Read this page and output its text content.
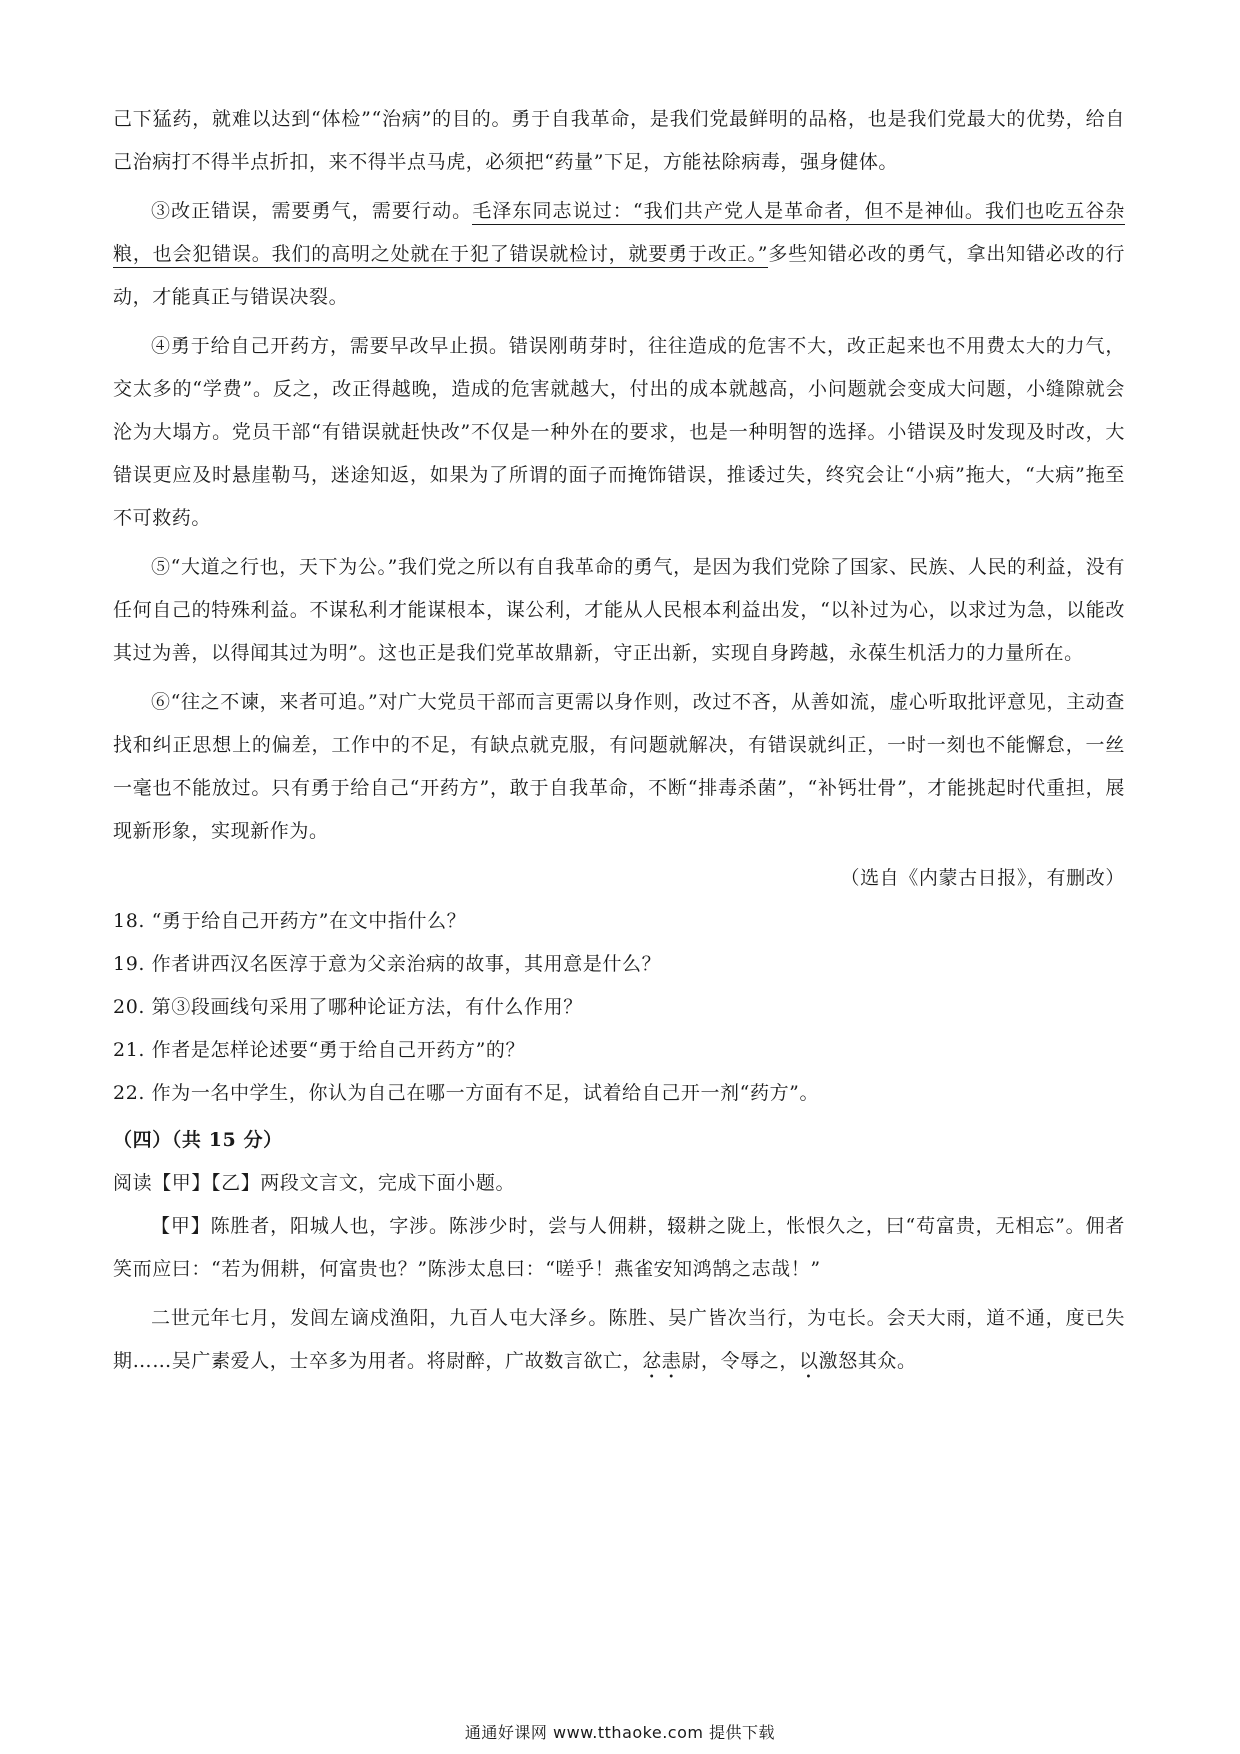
己下猛药，就难以达到“体检”“治病”的目的。勇于自我革命，是我们党最鲜明的品格，也是我们党最大的优势，给自己治病打不得半点折扣，来不得半点马虎，必须把“药量”下足，方能祛除病毒，强身健体。

③改正错误，需要勇气，需要行动。毛泽东同志说过：“我们共产党人是革命者，但不是神仙。我们也吃五谷杂粮，也会犯错误。我们的高明之处就在于犯了错误就检讨，就要勇于改正。”多些知错必改的勇气，拿出知错必改的行动，才能真正与错误决裂。

④勇于给自己开药方，需要早改早止损。错误刚萌芽时，往往造成的危害不大，改正起来也不用费太大的力气，交太多的“学费”。反之，改正得越晚，造成的危害就越大，付出的成本就越高，小问题就会变成大问题，小缝隙就会沦为大塌方。党员干部“有错误就赶快改”不仅是一种外在的要求，也是一种明智的选择。小错误及时发现及时改，大错误更应及时悬崖勒马，迷途知返，如果为了所谓的面子而掩饰错误，推诿过失，终究会让“小病”拖大，“大病”拖至不可救药。

⑤“大道之行也，天下为公。”我们党之所以有自我革命的勇气，是因为我们党除了国家、民族、人民的利益，没有任何自己的特殊利益。不谋私利才能谋根本，谋公利，才能从人民根本利益出发，“以补过为心，以求过为急，以能改其过为善，以得闻其过为明”。这也正是我们党革故鼎新，守正出新，实现自身跨越，永葆生机活力的力量所在。

⑥“往之不谏，来者可追。”对广大党员干部而言更需以身作则，改过不吝，从善如流，虚心听取批评意见，主动查找和纠正思想上的偏差，工作中的不足，有缺点就克服，有问题就解决，有错误就纠正，一时一刻也不能懈怠，一丝一毫也不能放过。只有勇于给自己“开药方”，敢于自我革命，不断“排毒杀菌”，“补钙壮骨”，才能挑起时代重担，展现新形象，实现新作为。

（选自《内蒙古日报》，有删改）

18. “勇于给自己开药方”在文中指什么？

19. 作者讲西汉名医淳于意为父亲治病的故事，其用意是什么？

20. 第③段画线句采用了哪种论证方法，有什么作用？

21. 作者是怎样论述要“勇于给自己开药方”的？

22. 作为一名中学生，你认为自己在哪一方面有不足，试着给自己开一剂“药方”。

（四）（共 15 分）

阅读【甲】【乙】两段文言文，完成下面小题。

【甲】陈胜者，阳城人也，字涉。陈涉少时，尝与人佣耕，辍耕之陇上，怅恨久之，曰“苟富贵，无相忘”。佣者笑而应曰：“若为佣耕，何富贵也？”陈涉太息曰：“嗟乎！燕雀安知鸿鹄之志哉！”

二世元年七月，发闾左谪戍渔阳，九百人屯大泽乡。陈胜、吴广皆次当行，为屯长。会天大雨，道不通，度已失期……吴广素爱人，士卒多为用者。将尉醉，广故数言欲亡，忿恚尉，令辱之，以激怒其众。

通通好课网 www.tthaoke.com 提供下载
